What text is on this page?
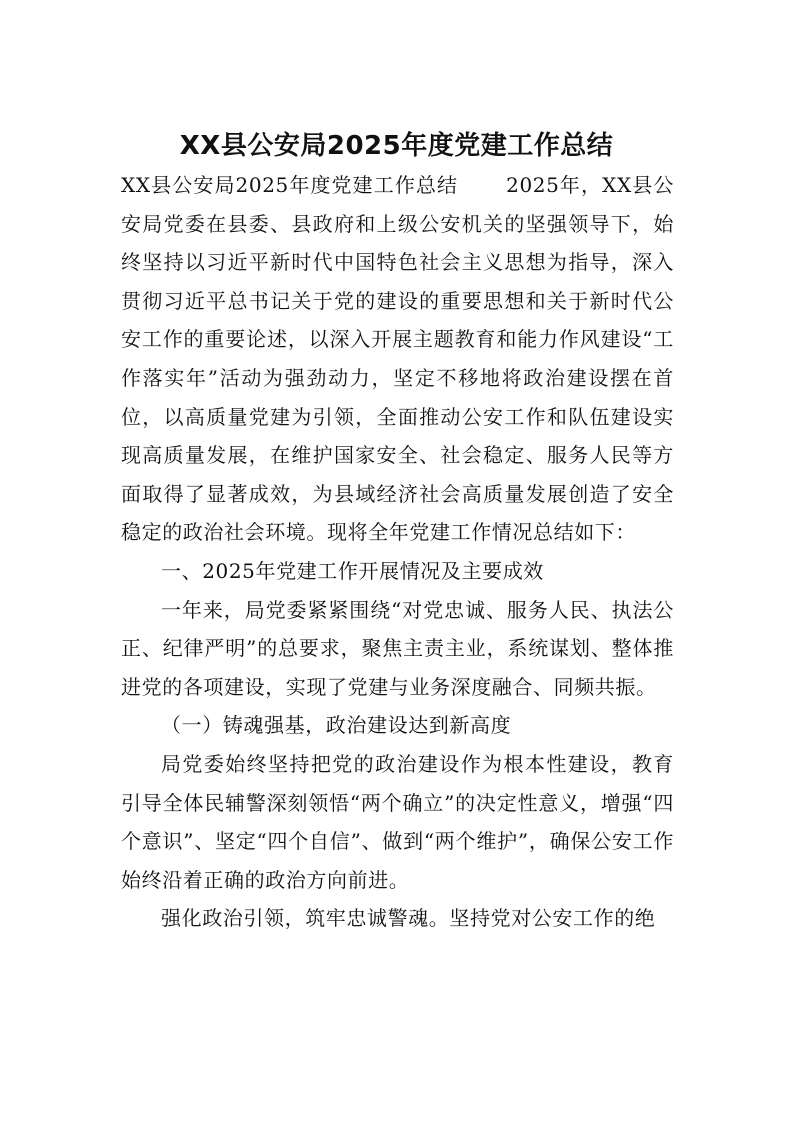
XX县公安局2025年度党建工作总结

XX县公安局2025年度党建工作总结 2025年，XX县公安局党委在县委、县政府和上级公安机关的坚强领导下，始终坚持以习近平新时代中国特色社会主义思想为指导，深入贯彻习近平总书记关于党的建设的重要思想和关于新时代公安工作的重要论述，以深入开展主题教育和能力作风建设“工作落实年”活动为强劲动力，坚定不移地将政治建设摆在首位，以高质量党建为引领，全面推动公安工作和队伍建设实现高质量发展，在维护国家安全、社会稳定、服务人民等方面取得了显著成效，为县域经济社会高质量发展创造了安全稳定的政治社会环境。现将全年党建工作情况总结如下：

一、2025年党建工作开展情况及主要成效

一年来，局党委紧紧围绕“对党忠诚、服务人民、执法公正、纪律严明”的总要求，聚焦主责主业，系统谋划、整体推进党的各项建设，实现了党建与业务深度融合、同频共振。

（一）铸魂强基，政治建设达到新高度

局党委始终坚持把党的政治建设作为根本性建设，教育引导全体民辅警深刻领悟“两个确立”的决定性意义，增强“四个意识”、坚定“四个自信”、做到“两个维护”，确保公安工作始终沿着正确的政治方向前进。

强化政治引领，筑牢忠诚警魂。坚持党对公安工作的绝
